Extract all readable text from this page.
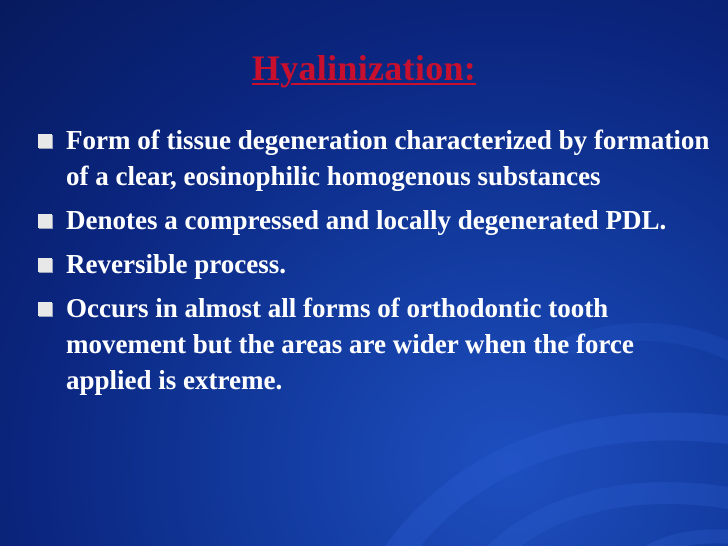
Hyalinization:
Form of tissue degeneration characterized by formation of a clear, eosinophilic homogenous substances
Denotes a compressed and locally degenerated PDL.
Reversible process.
Occurs in almost all forms of orthodontic tooth movement but the areas are wider when the force applied is extreme.
